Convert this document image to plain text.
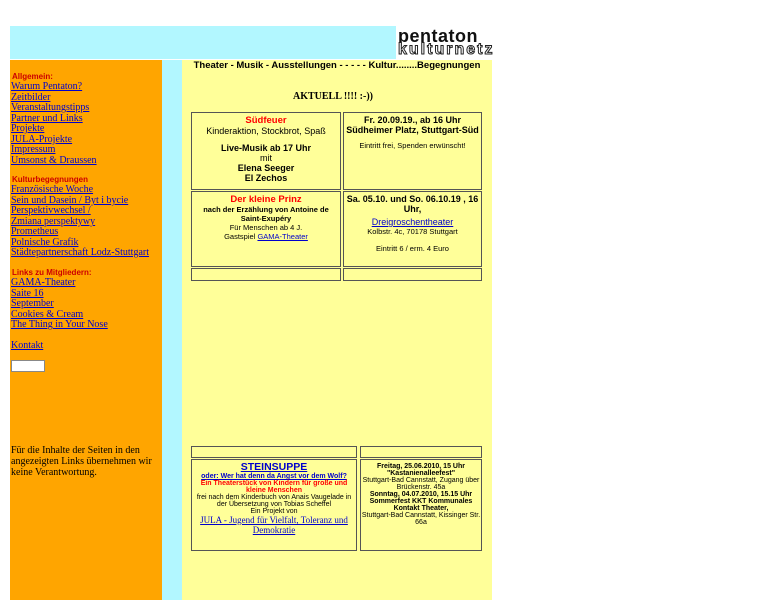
pentaton
kulturnetz
Allgemein:
Warum Pentaton?
Zeitbilder
Veranstaltungstipps
Partner und Links
Projekte
JULA-Projekte
Impressum
Umsonst & Draussen
Kulturbegegnungen
Französische Woche
Sein und Dasein / Byt i bycie
Perspektivwechsel /
Zmiana perspektywy
Prometheus
Polnische Grafik
Städtepartnerschaft Lodz-Stuttgart
Links zu Mitgliedern:
GAMA-Theater
Saite 16
September
Cookies & Cream
The Thing in Your Nose
Kontakt
Für die Inhalte der Seiten in den angezeigten Links übernehmen wir keine Verantwortung.
Theater - Musik - Ausstellungen - - - - - Kultur........Begegnungen
AKTUELL !!!! :-))
Südfeuer
Kinderaktion, Stockbrot, Spaß
Live-Musik ab 17 Uhr
mit
Elena Seeger
El Zechos
Fr. 20.09.19., ab 16 Uhr
Südheimer Platz, Stuttgart-Süd
Eintritt frei, Spenden erwünscht!
Der kleine Prinz
nach der Erzählung von Antoine de Saint-Exupéry
Für Menschen ab 4 J.
Gastspiel GAMA-Theater
Sa. 05.10. und So. 06.10.19 , 16 Uhr,
Dreigroschentheater
Kolbstr. 4c, 70178 Stuttgart
Eintritt 6 / erm. 4 Euro
STEINSUPPE
oder: Wer hat denn da Angst vor dem Wolf?
Ein Theaterstück von Kindern für große und kleine Menschen
frei nach dem Kinderbuch von Anais Vaugelade in der Übersetzung von Tobias Scheffel
Ein Projekt von
JULA - Jugend für Vielfalt, Toleranz und Demokratie
Freitag, 25.06.2010, 15 Uhr
"Kastanienalleefest"
Stuttgart-Bad Cannstatt, Zugang über Brückenstr. 45a
Sonntag, 04.07.2010, 15.15 Uhr
Sommerfest KKT Kommunales Kontakt Theater,
Stuttgart-Bad Cannstatt, Kissinger Str. 66a
